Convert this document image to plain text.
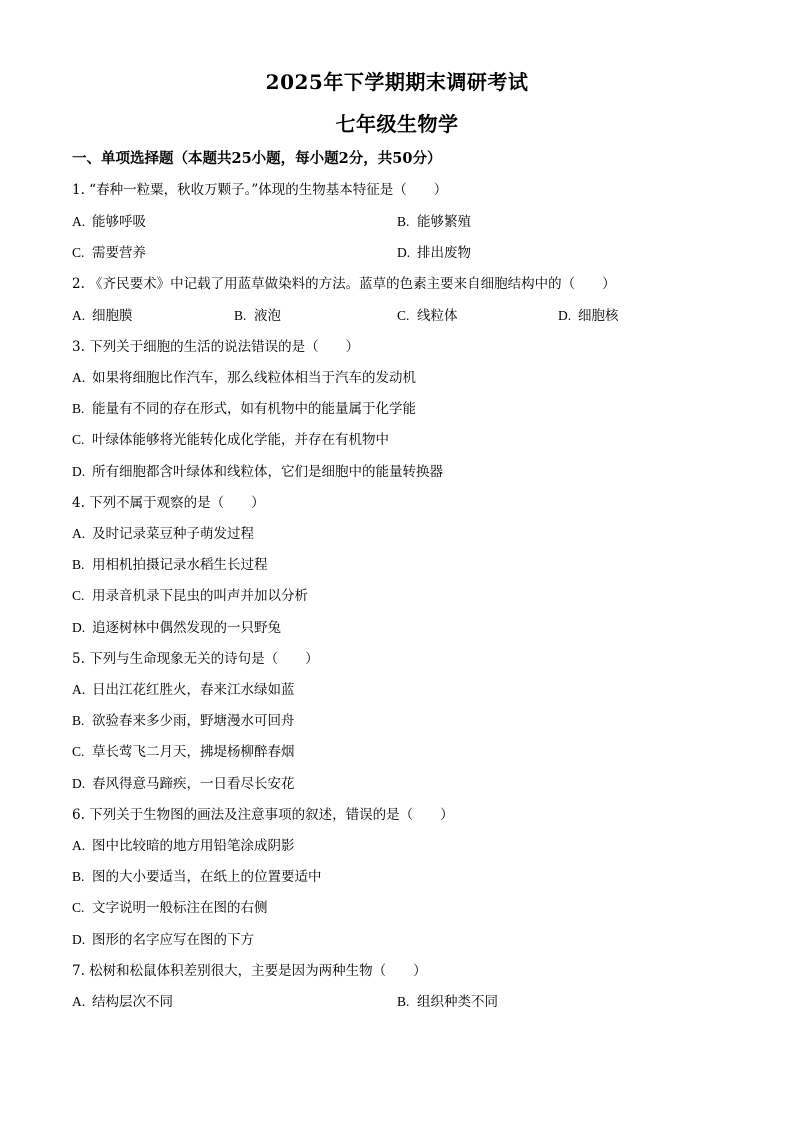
2025年下学期期末调研考试
七年级生物学
一、单项选择题（本题共25小题，每小题2分，共50分）
1. “春种一粒粟，秋收万颗子。”体现的生物基本特征是（　　）
A. 能够呼吸	B. 能够繁殖
C. 需要营养	D. 排出废物
2. 《齐民要术》中记载了用蓝草做染料的方法。蓝草的色素主要来自细胞结构中的（　　）
A. 细胞膜	B. 液泡	C. 线粒体	D. 细胞核
3. 下列关于细胞的生活的说法错误的是（　　）
A. 如果将细胞比作汽车，那么线粒体相当于汽车的发动机
B. 能量有不同的存在形式，如有机物中的能量属于化学能
C. 叶绿体能够将光能转化成化学能，并存在有机物中
D. 所有细胞都含叶绿体和线粒体，它们是细胞中的能量转换器
4. 下列不属于观察的是（　　）
A. 及时记录菜豆种子萌发过程
B. 用相机拍摄记录水稻生长过程
C. 用录音机录下昆虫的叫声并加以分析
D. 追逐树林中偶然发现的一只野兔
5. 下列与生命现象无关的诗句是（　　）
A. 日出江花红胜火，春来江水绿如蓝
B. 欲验春来多少雨，野塘漫水可回舟
C. 草长莺飞二月天，拂堤杨柳醉春烟
D. 春风得意马蹄疾，一日看尽长安花
6. 下列关于生物图的画法及注意事项的叙述，错误的是（　　）
A. 图中比较暗的地方用铅笔涂成阴影
B. 图的大小要适当，在纸上的位置要适中
C. 文字说明一般标注在图的右侧
D. 图形的名字应写在图的下方
7. 松树和松鼠体积差别很大，主要是因为两种生物（　　）
A. 结构层次不同	B. 组织种类不同
